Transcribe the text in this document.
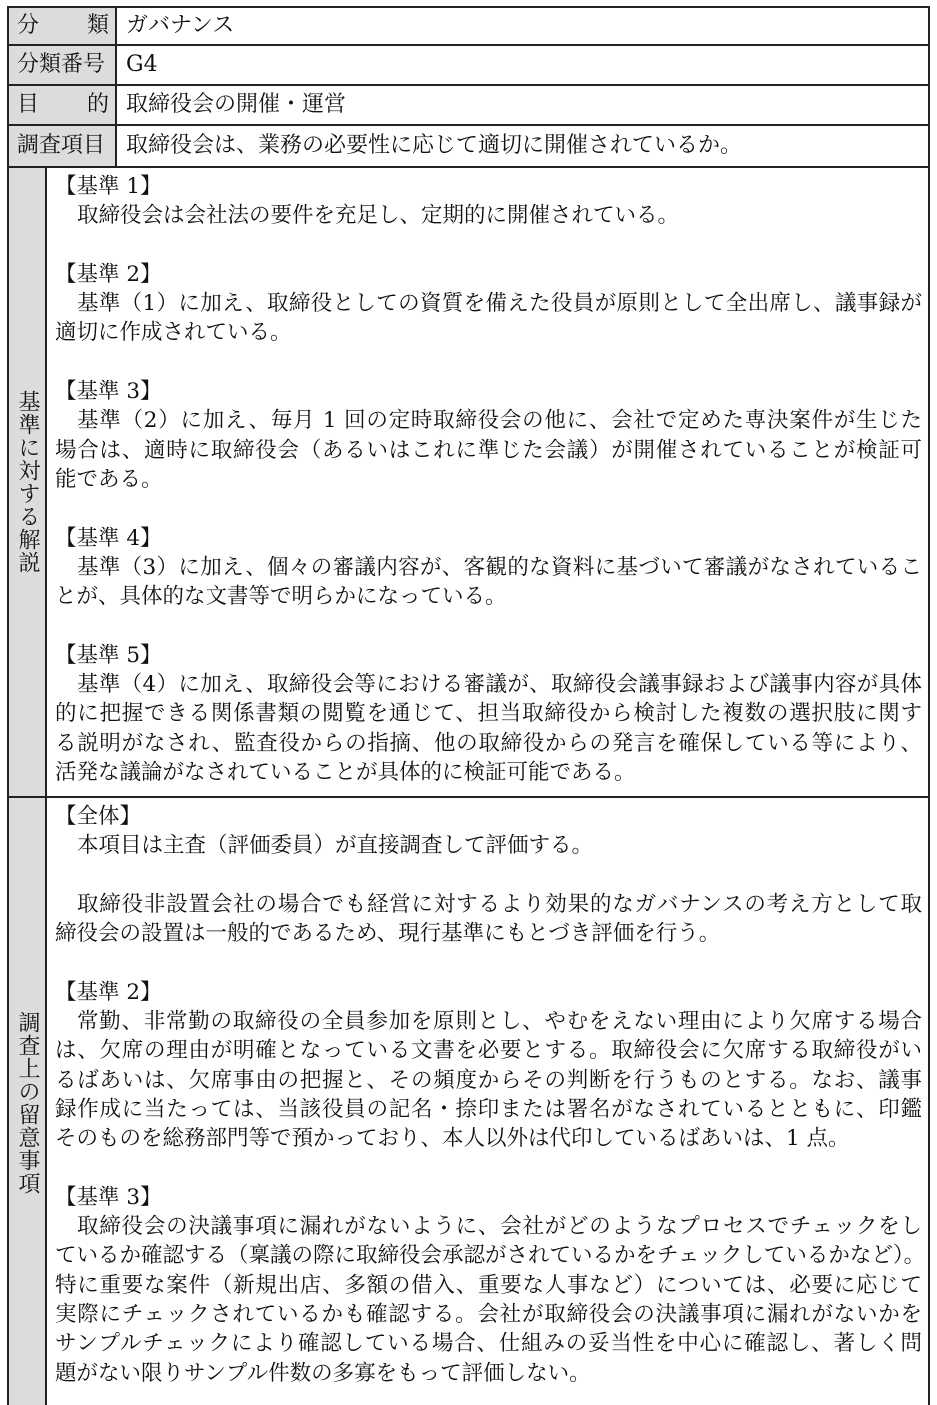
分 類 ガバナンス
分類番号 G4
目 的 取締役会の開催・運営
調査項目 取締役会は、業務の必要性に応じて適切に開催されているか。
基準に対する解説
【基準 1】
取締役会は会社法の要件を充足し、定期的に開催されている。
【基準 2】
基準（1）に加え、取締役としての資質を備えた役員が原則として全出席し、議事録が
適切に作成されている。
【基準 3】
基準（2）に加え、毎月 1 回の定時取締役会の他に、会社で定めた専決案件が生じた
場合は、適時に取締役会（あるいはこれに準じた会議）が開催されていることが検証可
能である。
【基準 4】
基準（3）に加え、個々の審議内容が、客観的な資料に基づいて審議がなされているこ
とが、具体的な文書等で明らかになっている。
【基準 5】
基準（4）に加え、取締役会等における審議が、取締役会議事録および議事内容が具体
的に把握できる関係書類の閲覧を通じて、担当取締役から検討した複数の選択肢に関す
る説明がなされ、監査役からの指摘、他の取締役からの発言を確保している等により、
活発な議論がなされていることが具体的に検証可能である。
調査上の留意事項
【全体】
本項目は主査（評価委員）が直接調査して評価する。
取締役非設置会社の場合でも経営に対するより効果的なガバナンスの考え方として取
締役会の設置は一般的であるため、現行基準にもとづき評価を行う。
【基準 2】
常勤、非常勤の取締役の全員参加を原則とし、やむをえない理由により欠席する場合
は、欠席の理由が明確となっている文書を必要とする。取締役会に欠席する取締役がい
るばあいは、欠席事由の把握と、その頻度からその判断を行うものとする。なお、議事
録作成に当たっては、当該役員の記名・捺印または署名がなされているとともに、印鑑
そのものを総務部門等で預かっており、本人以外は代印しているばあいは、1 点。
【基準 3】
取締役会の決議事項に漏れがないように、会社がどのようなプロセスでチェックをし
ているか確認する（稟議の際に取締役会承認がされているかをチェックしているかなど）。
特に重要な案件（新規出店、多額の借入、重要な人事など）については、必要に応じて
実際にチェックされているかも確認する。会社が取締役会の決議事項に漏れがないかを
サンプルチェックにより確認している場合、仕組みの妥当性を中心に確認し、著しく問
題がない限りサンプル件数の多寡をもって評価しない。
